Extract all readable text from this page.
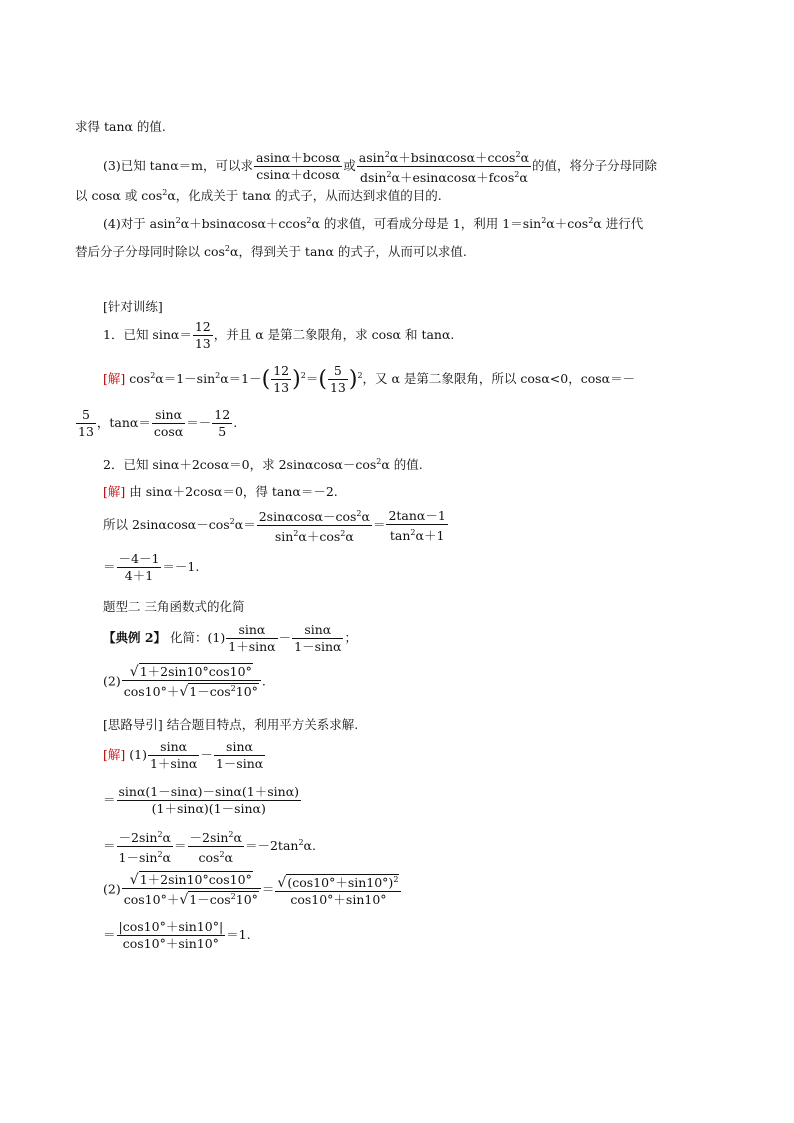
求得 tanα 的值.
(3)已知 tanα＝m，可以求 $\frac{asin\alpha+bcos\alpha}{csin\alpha+dcos\alpha}$ 或 $\frac{asin^2\alpha+bsin\alpha\cos\alpha+ccos^2\alpha}{dsin^2\alpha+esin\alpha\cos\alpha+fcos^2\alpha}$ 的值，将分子分母同除
以 cosα 或 $\cos^2\alpha$，化成关于 tanα 的式子，从而达到求值的目的.
(4)对于 asin$^2$α＋bsinαcosα＋ccos$^2$α 的求值，可看成分母是 1，利用 $1=\sin^2\alpha+\cos^2\alpha$ 进行代
替后分子分母同时除以 $\cos^2\alpha$，得到关于 tanα 的式子，从而可以求值.
[针对训练]
1．已知 $\sin\alpha= \frac{12}{13}$ ，并且 α 是第二象限角，求 cosα 和 tanα.
[解] $\cos^2\alpha=1-\sin^2\alpha=1-( \frac{12}{13} )^2=( \frac{5}{13} )^2$，又 α 是第二象限角，所以 cosα<0，cosα＝－
$\frac{5}{13}$ ，$\tan\alpha= \frac{\sin\alpha}{\cos\alpha} =- \frac{12}{5}$ .
2．已知 sinα＋2cosα＝0，求 $2\sin\alpha\cos\alpha-\cos^2\alpha$ 的值.
[解] 由 sinα＋2cosα＝0，得 tanα＝－2.
所以 $2\sin\alpha\cos\alpha-\cos^2\alpha= \frac{2\sin\alpha\cos\alpha-\cos^2\alpha}{\sin^2\alpha+\cos^2\alpha} = \frac{2\tan\alpha-1}{\tan^2\alpha+1}$
＝ $\frac{-4-1}{4+1} =-1$.
题型二 三角函数式的化简
【典例 2】 化简：$(1) \frac{\sin\alpha}{1+\sin\alpha} - \frac{\sin\alpha}{1-\sin\alpha}$ ；
$(2) \frac{√1+2\sin 10^\circ\cos 10^\circ}{\cos 10^\circ+√1-\cos^210^\circ}$ .
[思路导引] 结合题目特点，利用平方关系求解.
[解] $(1) \frac{\sin\alpha}{1+\sin\alpha} - \frac{\sin\alpha}{1-\sin\alpha}$
＝ $\frac{\sin\alpha(1-\sin\alpha)-\sin\alpha(1+\sin\alpha)}{(1+\sin\alpha)(1-\sin\alpha)}$
＝ $\frac{-2\sin^2\alpha}{1-\sin^2\alpha} = \frac{-2\sin^2\alpha}{\cos^2\alpha} =-2\tan^2\alpha$.
$(2) \frac{√1+2\sin 10^\circ\cos 10^\circ}{\cos 10^\circ+√1-\cos^210^\circ} = \frac{√(\cos 10^\circ+\sin 10^\circ)^2}{\cos 10^\circ+\sin 10^\circ}$
＝ $\frac{|\cos 10^\circ+\sin 10^\circ|}{\cos 10^\circ+\sin 10^\circ} =1$.
